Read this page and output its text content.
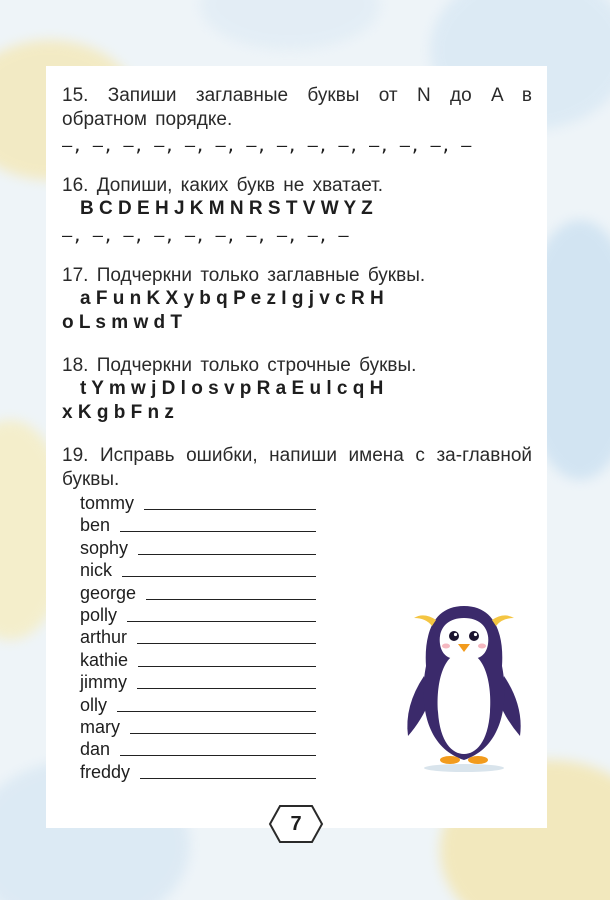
15. Запиши заглавные буквы от N до A в обратном порядке.
—, —, —, —, —, —, —, —, —, —, —, —, —, —
16. Допиши, каких букв не хватает.
B C D E H J K M N R S T V W Y Z
—, —, —, —, —, —, —, —, —, —
17. Подчеркни только заглавные буквы.
a F u n K X y b q P e z I g j v c R H
o L s m w d T
18. Подчеркни только строчные буквы.
t Y m w j D l o s v p R a E u l c q H
x K g b F n z
19. Исправь ошибки, напиши имена с за-главной буквы.
tommy
ben
sophy
nick
george
polly
arthur
kathie
jimmy
olly
mary
dan
freddy
7
